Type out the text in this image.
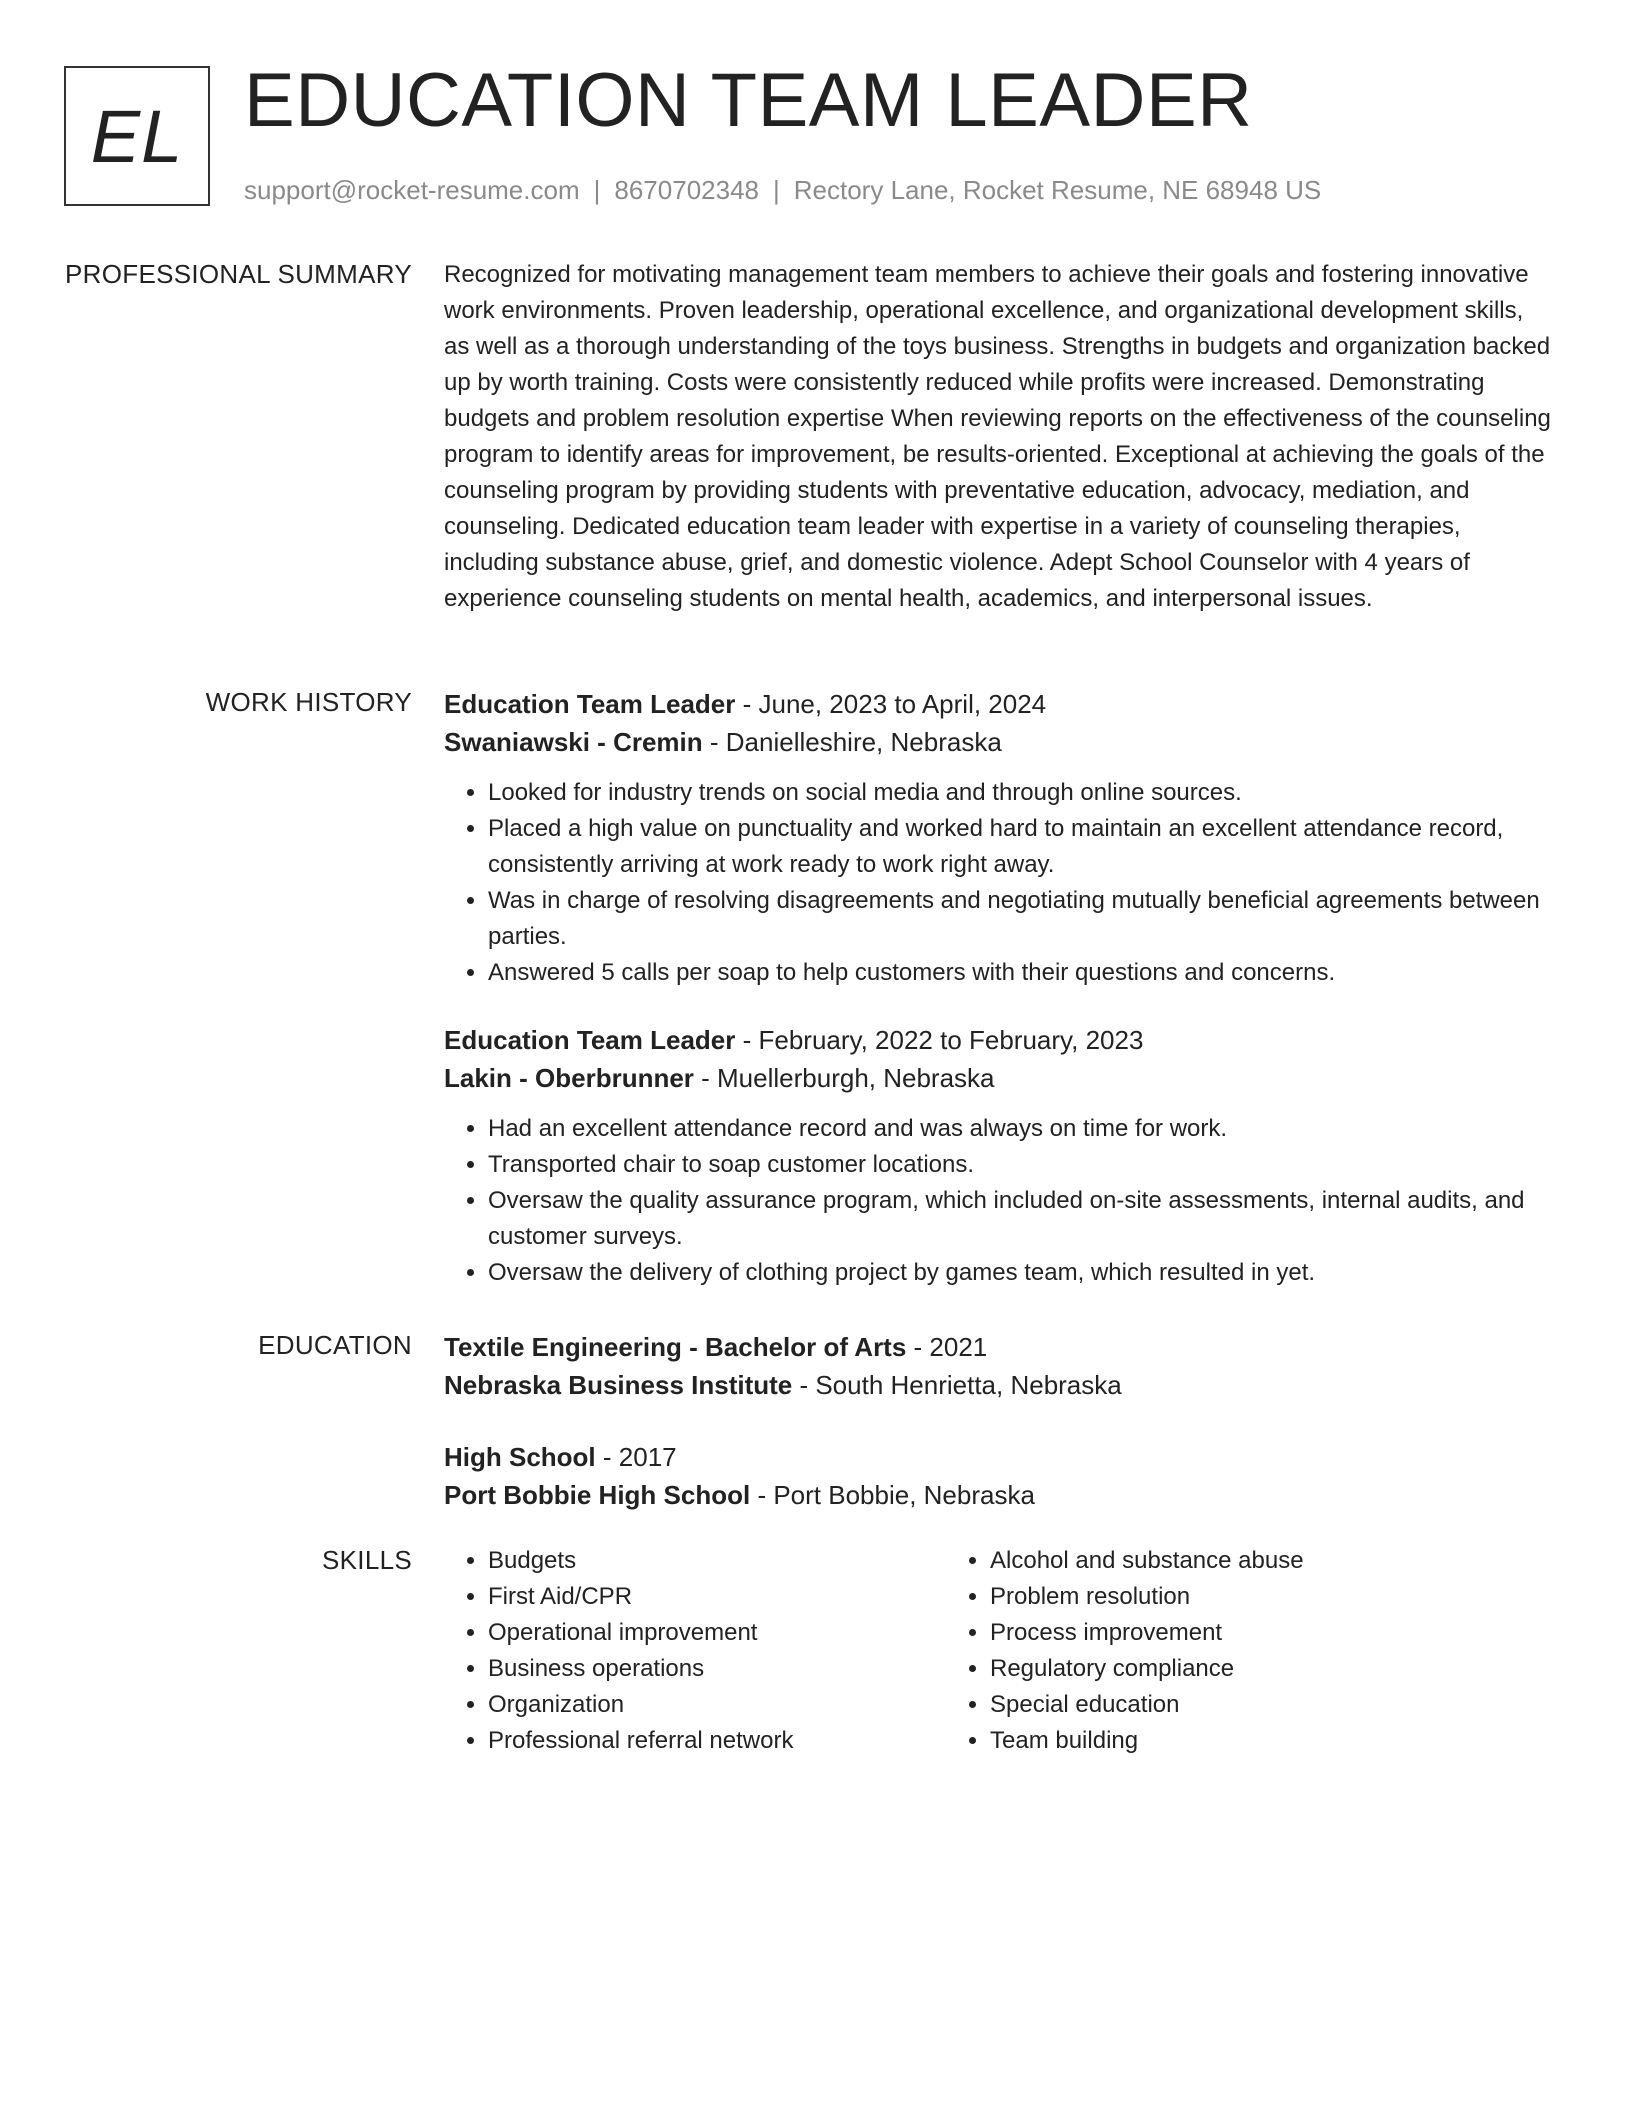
EL EDUCATION TEAM LEADER
support@rocket-resume.com | 8670702348 | Rectory Lane, Rocket Resume, NE 68948 US
PROFESSIONAL SUMMARY Recognized for motivating management team members to achieve their goals and fostering innovative work environments. Proven leadership, operational excellence, and organizational development skills, as well as a thorough understanding of the toys business. Strengths in budgets and organization backed up by worth training. Costs were consistently reduced while profits were increased. Demonstrating budgets and problem resolution expertise When reviewing reports on the effectiveness of the counseling program to identify areas for improvement, be results-oriented. Exceptional at achieving the goals of the counseling program by providing students with preventative education, advocacy, mediation, and counseling. Dedicated education team leader with expertise in a variety of counseling therapies, including substance abuse, grief, and domestic violence. Adept School Counselor with 4 years of experience counseling students on mental health, academics, and interpersonal issues.

WORK HISTORY Education Team Leader - June, 2023 to April, 2024
Swaniawski - Cremin - Danielleshire, Nebraska
• Looked for industry trends on social media and through online sources.
• Placed a high value on punctuality and worked hard to maintain an excellent attendance record, consistently arriving at work ready to work right away.
• Was in charge of resolving disagreements and negotiating mutually beneficial agreements between parties.
• Answered 5 calls per soap to help customers with their questions and concerns.
Education Team Leader - February, 2022 to February, 2023
Lakin - Oberbrunner - Muellerburgh, Nebraska
• Had an excellent attendance record and was always on time for work.
• Transported chair to soap customer locations.
• Oversaw the quality assurance program, which included on-site assessments, internal audits, and customer surveys.
• Oversaw the delivery of clothing project by games team, which resulted in yet.
EDUCATION Textile Engineering - Bachelor of Arts - 2021
Nebraska Business Institute - South Henrietta, Nebraska
High School - 2017
Port Bobbie High School - Port Bobbie, Nebraska
SKILLS
•	Budgets
• First Aid/CPR
• Operational improvement
• Business operations
• Organization
• Professional referral network
• Alcohol and substance abuse
• Problem resolution
• Process improvement
• Regulatory compliance
• Special education
• Team building
